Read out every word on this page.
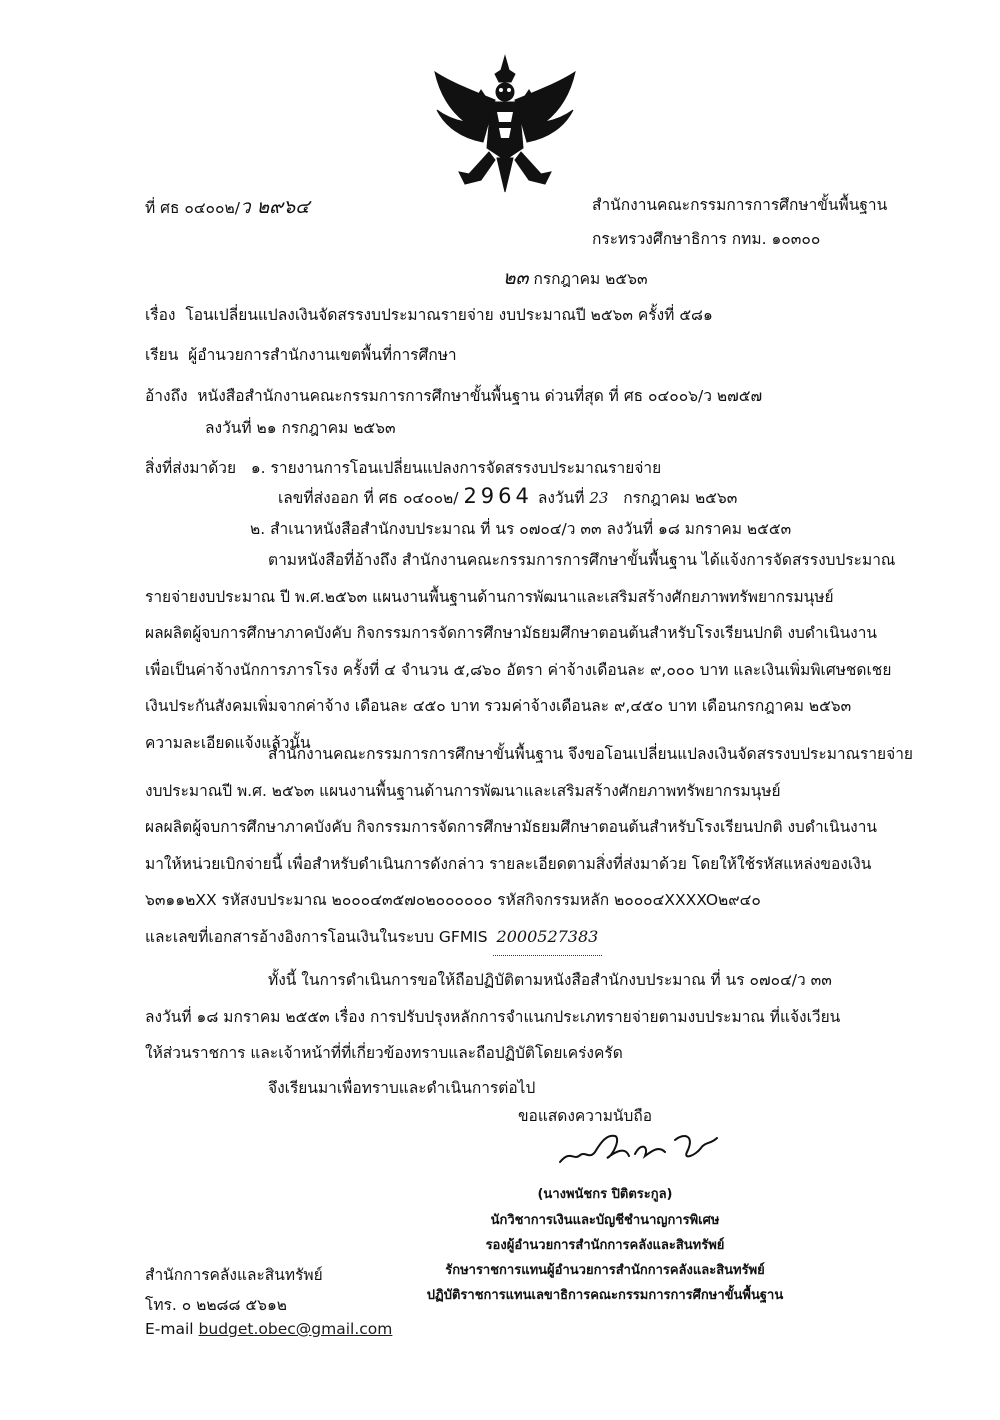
ที่ ศธ ๐๔๐๐๒/ว ๒๙๖๔	สำนักงานคณะกรรมการการศึกษาขั้นพื้นฐาน
กระทรวงศึกษาธิการ กทม. ๑๐๓๐๐
๒๓ กรกฎาคม ๒๕๖๓
เรื่อง โอนเปลี่ยนแปลงเงินจัดสรรงบประมาณรายจ่าย งบประมาณปี ๒๕๖๓ ครั้งที่ ๕๘๑
เรียน ผู้อำนวยการสำนักงานเขตพื้นที่การศึกษา
อ้างถึง หนังสือสำนักงานคณะกรรมการการศึกษาขั้นพื้นฐาน ด่วนที่สุด ที่ ศธ ๐๔๐๐๖/ว ๒๗๕๗
ลงวันที่ ๒๑ กรกฎาคม ๒๕๖๓
สิ่งที่ส่งมาด้วย ๑. รายงานการโอนเปลี่ยนแปลงการจัดสรรงบประมาณรายจ่าย
เลขที่ส่งออก ที่ ศธ ๐๔๐๐๒/ 2964 ลงวันที่ 23 กรกฎาคม ๒๕๖๓
๒. สำเนาหนังสือสำนักงบประมาณ ที่ นร ๐๗๐๔/ว ๓๓ ลงวันที่ ๑๘ มกราคม ๒๕๕๓

ตามหนังสือที่อ้างถึง สำนักงานคณะกรรมการการศึกษาขั้นพื้นฐาน ได้แจ้งการจัดสรรงบประมาณ

รายจ่ายงบประมาณ ปี พ.ศ.๒๕๖๓ แผนงานพื้นฐานด้านการพัฒนาและเสริมสร้างศักยภาพทรัพยากรมนุษย์

ผลผลิตผู้จบการศึกษาภาคบังคับ กิจกรรมการจัดการศึกษามัธยมศึกษาตอนต้นสำหรับโรงเรียนปกติ งบดำเนินงาน

เพื่อเป็นค่าจ้างนักการภารโรง ครั้งที่ ๔ จำนวน ๕,๘๖๐ อัตรา ค่าจ้างเดือนละ ๙,๐๐๐ บาท และเงินเพิ่มพิเศษชดเชย

เงินประกันสังคมเพิ่มจากค่าจ้าง เดือนละ ๔๕๐ บาท รวมค่าจ้างเดือนละ ๙,๔๕๐ บาท เดือนกรกฎาคม ๒๕๖๓

ความละเอียดแจ้งแล้วนั้น

สำนักงานคณะกรรมการการศึกษาขั้นพื้นฐาน จึงขอโอนเปลี่ยนแปลงเงินจัดสรรงบประมาณรายจ่าย

งบประมาณปี พ.ศ. ๒๕๖๓ แผนงานพื้นฐานด้านการพัฒนาและเสริมสร้างศักยภาพทรัพยากรมนุษย์

ผลผลิตผู้จบการศึกษาภาคบังคับ กิจกรรมการจัดการศึกษามัธยมศึกษาตอนต้นสำหรับโรงเรียนปกติ งบดำเนินงาน

มาให้หน่วยเบิกจ่ายนี้ เพื่อสำหรับดำเนินการดังกล่าว รายละเอียดตามสิ่งที่ส่งมาด้วย โดยให้ใช้รหัสแหล่งของเงิน

๖๓๑๑๒XX รหัสงบประมาณ ๒๐๐๐๔๓๕๗๐๒๐๐๐๐๐๐ รหัสกิจกรรมหลัก ๒๐๐๐๔XXXXO๒๙๔๐

และเลขที่เอกสารอ้างอิงการโอนเงินในระบบ GFMIS 2000527383

ทั้งนี้ ในการดำเนินการขอให้ถือปฏิบัติตามหนังสือสำนักงบประมาณ ที่ นร ๐๗๐๔/ว ๓๓

ลงวันที่ ๑๘ มกราคม ๒๕๕๓ เรื่อง การปรับปรุงหลักการจำแนกประเภทรายจ่ายตามงบประมาณ ที่แจ้งเวียน

ให้ส่วนราชการ และเจ้าหน้าที่ที่เกี่ยวข้องทราบและถือปฏิบัติโดยเคร่งครัด

จึงเรียนมาเพื่อทราบและดำเนินการต่อไป

ขอแสดงความนับถือ

(นางพนัชกร ปิติตระกูล)

นักวิชาการเงินและบัญชีชำนาญการพิเศษ

รองผู้อำนวยการสำนักการคลังและสินทรัพย์

รักษาราชการแทนผู้อำนวยการสำนักการคลังและสินทรัพย์

ปฏิบัติราชการแทนเลขาธิการคณะกรรมการการศึกษาขั้นพื้นฐาน

สำนักการคลังและสินทรัพย์
โทร. ๐ ๒๒๘๘ ๕๖๑๒
E-mail budget.obec@gmail.com
